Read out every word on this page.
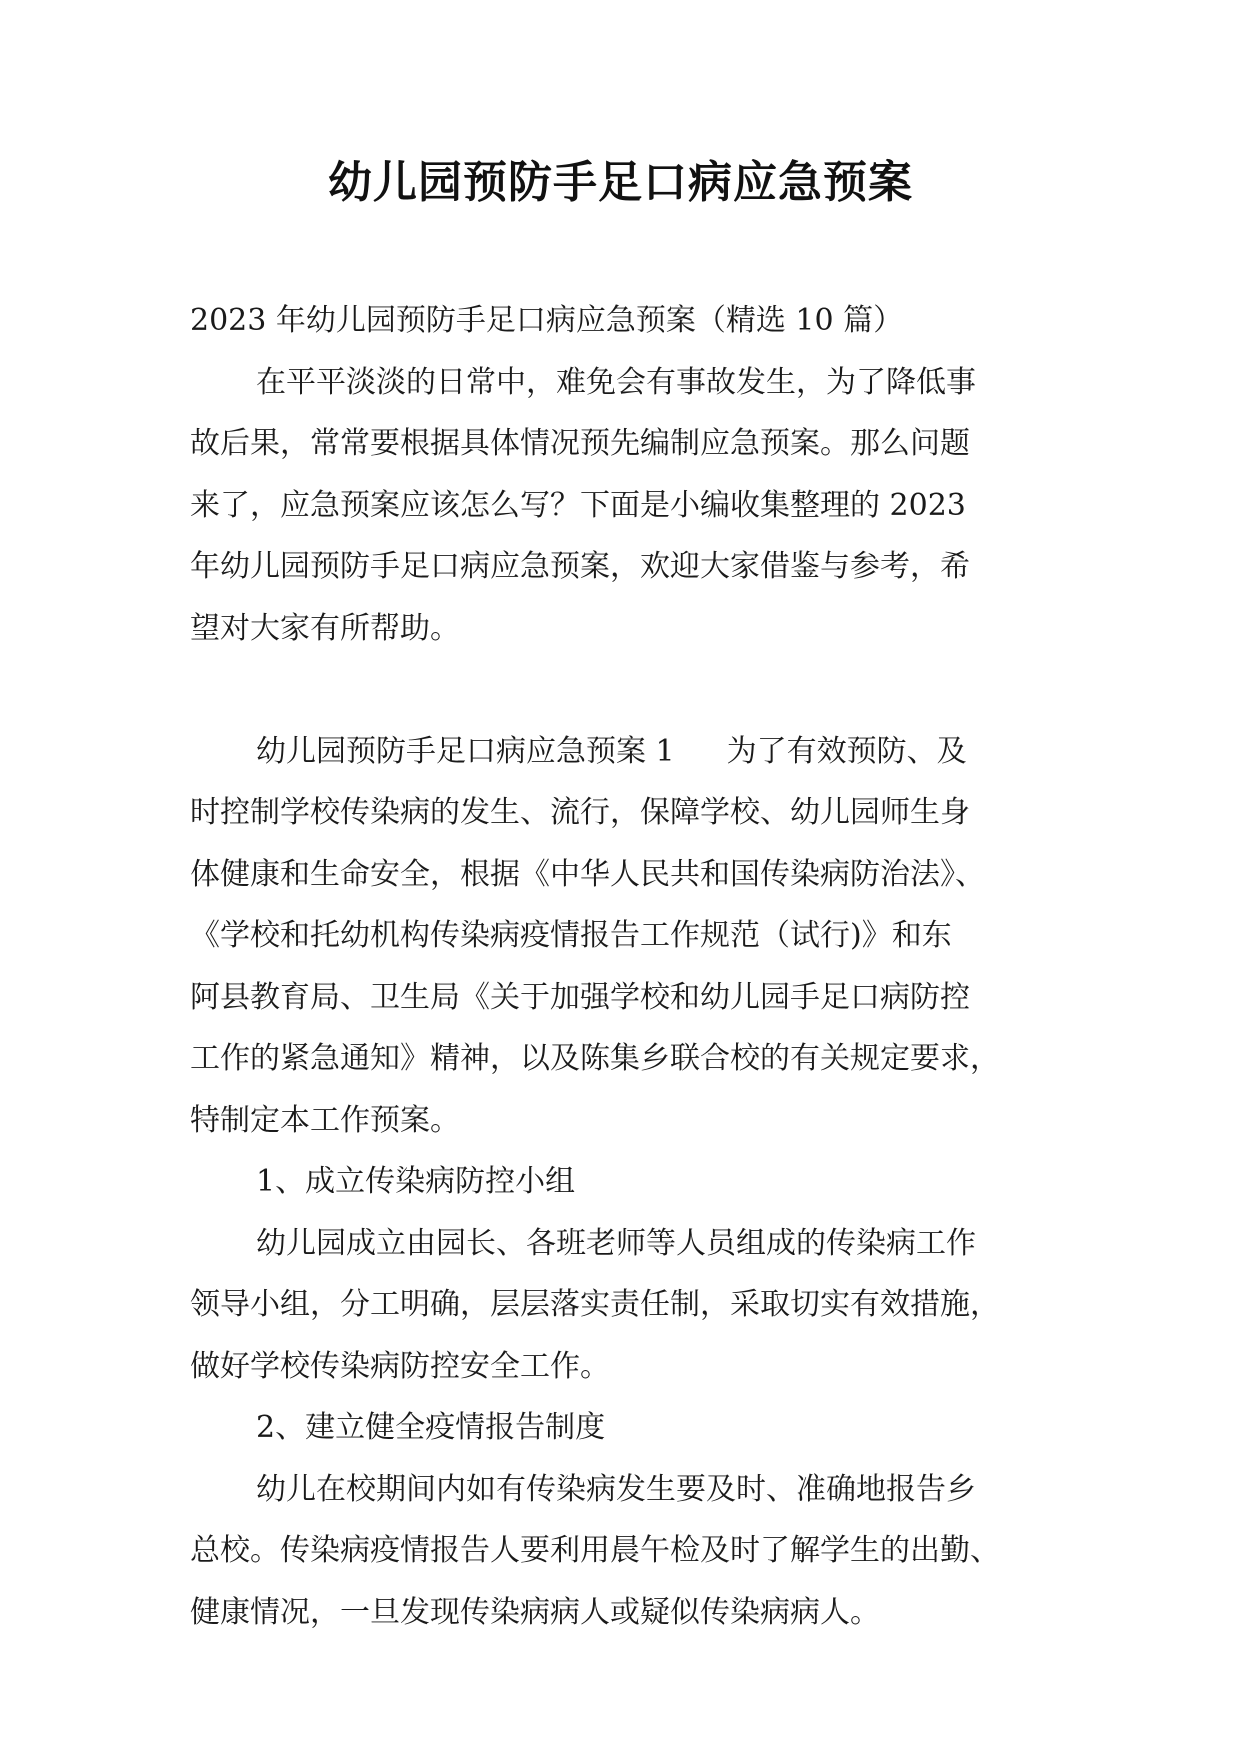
幼儿园预防手足口病应急预案
2023 年幼儿园预防手足口病应急预案（精选 10 篇）
在平平淡淡的日常中，难免会有事故发生，为了降低事
故后果，常常要根据具体情况预先编制应急预案。那么问题
来了，应急预案应该怎么写？下面是小编收集整理的 2023
年幼儿园预防手足口病应急预案，欢迎大家借鉴与参考，希
望对大家有所帮助。
幼儿园预防手足口病应急预案 1 为了有效预防、及
时控制学校传染病的发生、流行，保障学校、幼儿园师生身
体健康和生命安全，根据《中华人民共和国传染病防治法》、
《学校和托幼机构传染病疫情报告工作规范（试行)》和东
阿县教育局、卫生局《关于加强学校和幼儿园手足口病防控
工作的紧急通知》精神，以及陈集乡联合校的有关规定要求，
特制定本工作预案。
1、成立传染病防控小组
幼儿园成立由园长、各班老师等人员组成的传染病工作
领导小组，分工明确，层层落实责任制，采取切实有效措施，
做好学校传染病防控安全工作。
2、建立健全疫情报告制度
幼儿在校期间内如有传染病发生要及时、准确地报告乡
总校。传染病疫情报告人要利用晨午检及时了解学生的出勤、
健康情况，一旦发现传染病病人或疑似传染病病人。
